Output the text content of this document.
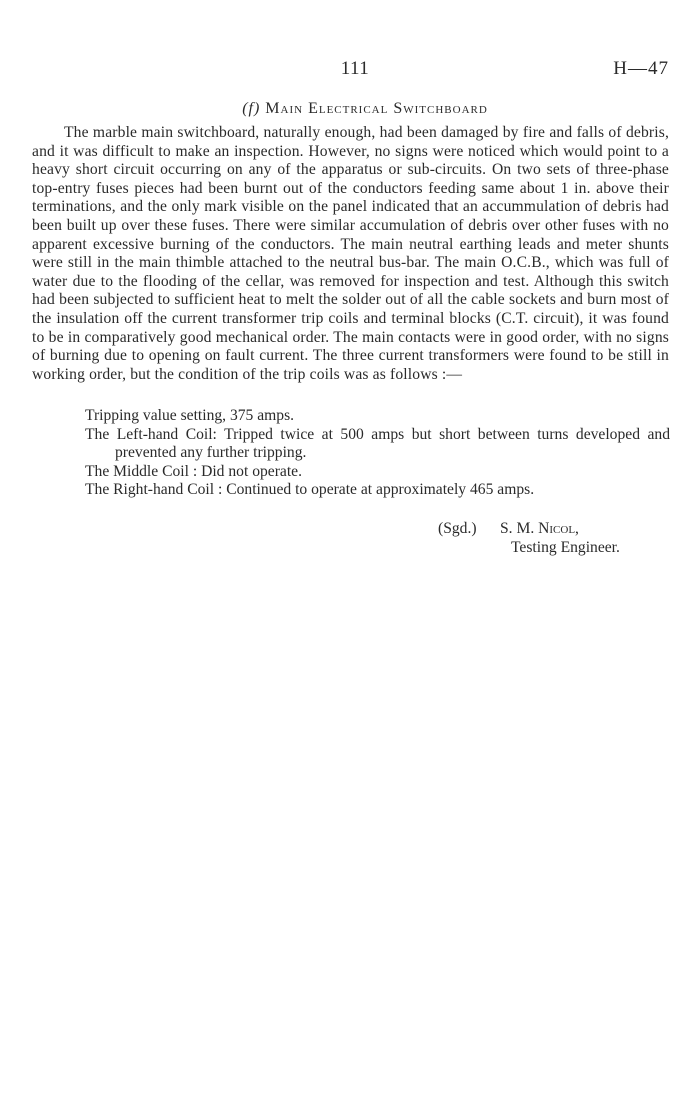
111	H—47
(f) Main Electrical Switchboard

The marble main switchboard, naturally enough, had been damaged by fire and falls of debris, and it was difficult to make an inspection. However, no signs were noticed which would point to a heavy short circuit occurring on any of the apparatus or sub-circuits. On two sets of three-phase top-entry fuses pieces had been burnt out of the conductors feeding same about 1 in. above their terminations, and the only mark visible on the panel indicated that an accummulation of debris had been built up over these fuses. There were similar accumulation of debris over other fuses with no apparent excessive burning of the conductors. The main neutral earthing leads and meter shunts were still in the main thimble attached to the neutral bus-bar. The main O.C.B., which was full of water due to the flooding of the cellar, was removed for inspection and test. Although this switch had been subjected to sufficient heat to melt the solder out of all the cable sockets and burn most of the insulation off the current transformer trip coils and terminal blocks (C.T. circuit), it was found to be in comparatively good mechanical order. The main contacts were in good order, with no signs of burning due to opening on fault current. The three current transformers were found to be still in working order, but the condition of the trip coils was as follows :—

Tripping value setting, 375 amps.
The Left-hand Coil: Tripped twice at 500 amps but short between turns developed and prevented any further tripping.
The Middle Coil : Did not operate.
The Right-hand Coil : Continued to operate at approximately 465 amps.
(Sgd.) S. M. Nicol,
Testing Engineer.
